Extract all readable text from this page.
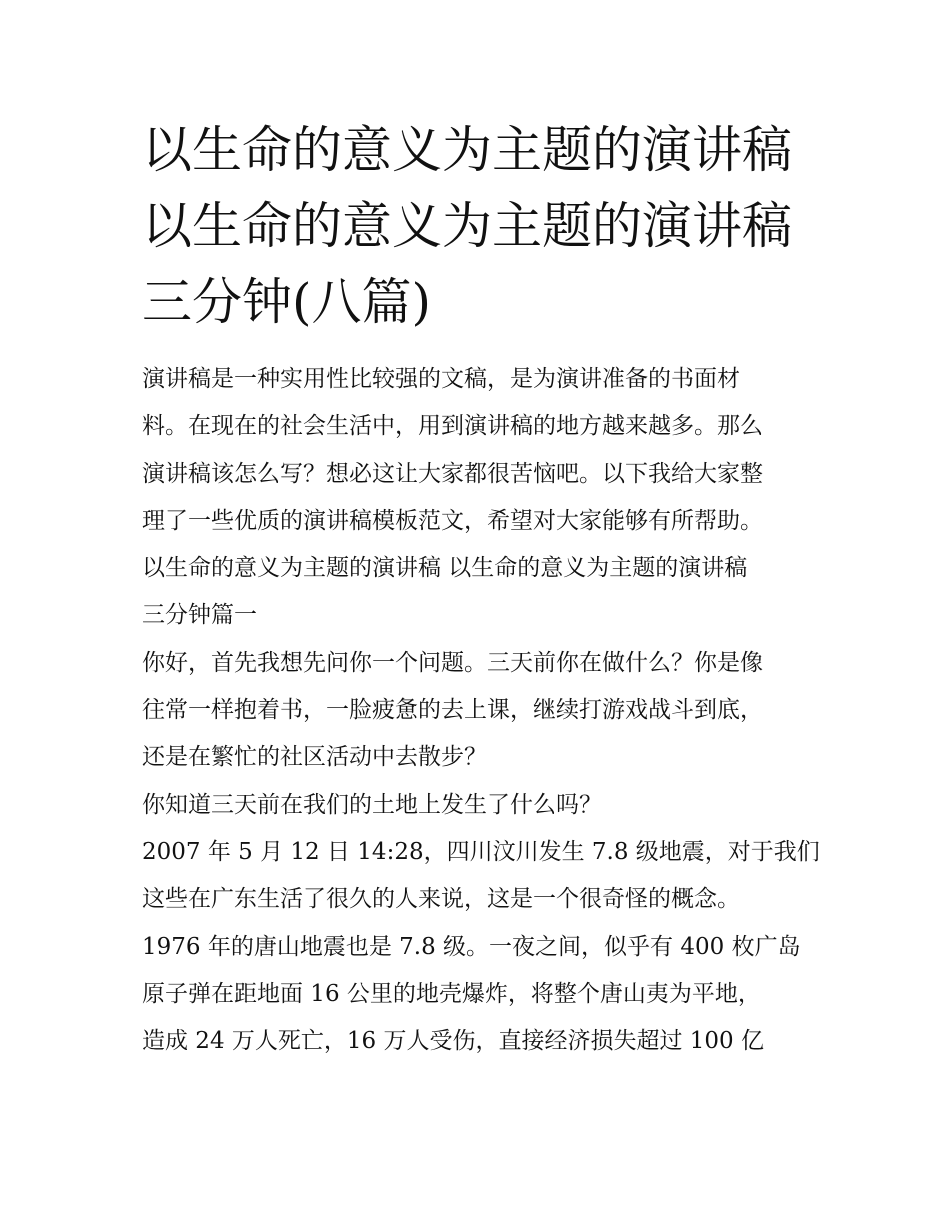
以生命的意义为主题的演讲稿
以生命的意义为主题的演讲稿
三分钟(八篇)
演讲稿是一种实用性比较强的文稿，是为演讲准备的书面材
料。在现在的社会生活中，用到演讲稿的地方越来越多。那么
演讲稿该怎么写？想必这让大家都很苦恼吧。以下我给大家整
理了一些优质的演讲稿模板范文，希望对大家能够有所帮助。
以生命的意义为主题的演讲稿 以生命的意义为主题的演讲稿
三分钟篇一
你好，首先我想先问你一个问题。三天前你在做什么？你是像
往常一样抱着书，一脸疲惫的去上课，继续打游戏战斗到底，
还是在繁忙的社区活动中去散步？
你知道三天前在我们的土地上发生了什么吗？
2007 年 5 月 12 日 14:28，四川汶川发生 7.8 级地震，对于我们
这些在广东生活了很久的人来说，这是一个很奇怪的概念。
1976 年的唐山地震也是 7.8 级。一夜之间，似乎有 400 枚广岛
原子弹在距地面 16 公里的地壳爆炸，将整个唐山夷为平地，
造成 24 万人死亡，16 万人受伤，直接经济损失超过 100 亿
